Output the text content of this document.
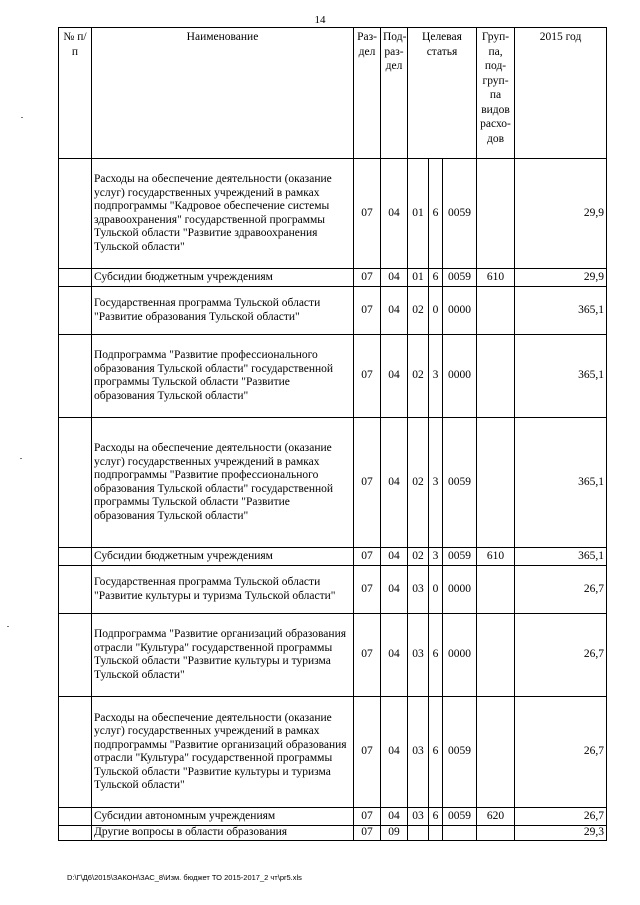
14
№ п/п	Наименование	Раз-дел	Под-раз-дел	Целевая статья			Груп-па, под-груп-па видов расхо-дов	2015 год
	Расходы на обеспечение деятельности (оказание услуг) государственных учреждений в рамках подпрограммы "Кадровое обеспечение системы здравоохранения" государственной программы Тульской области "Развитие здравоохранения Тульской области"	07	04	01	6	0059		29,9
	Субсидии бюджетным учреждениям	07	04	01	6	0059	610	29,9
	Государственная программа Тульской области "Развитие образования Тульской области"	07	04	02	0	0000		365,1
	Подпрограмма "Развитие профессионального образования Тульской области" государственной программы Тульской области "Развитие образования Тульской области"	07	04	02	3	0000		365,1
	Расходы на обеспечение деятельности (оказание услуг) государственных учреждений в рамках подпрограммы "Развитие профессионального образования Тульской области" государственной программы Тульской области "Развитие образования Тульской области"	07	04	02	3	0059		365,1
	Субсидии бюджетным учреждениям	07	04	02	3	0059	610	365,1
	Государственная программа Тульской области "Развитие культуры и туризма Тульской области"	07	04	03	0	0000		26,7
	Подпрограмма "Развитие организаций образования отрасли "Культура" государственной программы Тульской области "Развитие культуры и туризма Тульской области"	07	04	03	6	0000		26,7
	Расходы на обеспечение деятельности (оказание услуг) государственных учреждений в рамках подпрограммы "Развитие организаций образования отрасли "Культура" государственной программы Тульской области "Развитие культуры и туризма Тульской области"	07	04	03	6	0059		26,7
	Субсидии автономным учреждениям	07	04	03	6	0059	620	26,7
	Другие вопросы в области образования	07	09					29,3
D:\Г\Д6\2015\ЗАКОН\ЗАС_8\Изм. бюджет ТО 2015-2017_2 чт\pr5.xls
